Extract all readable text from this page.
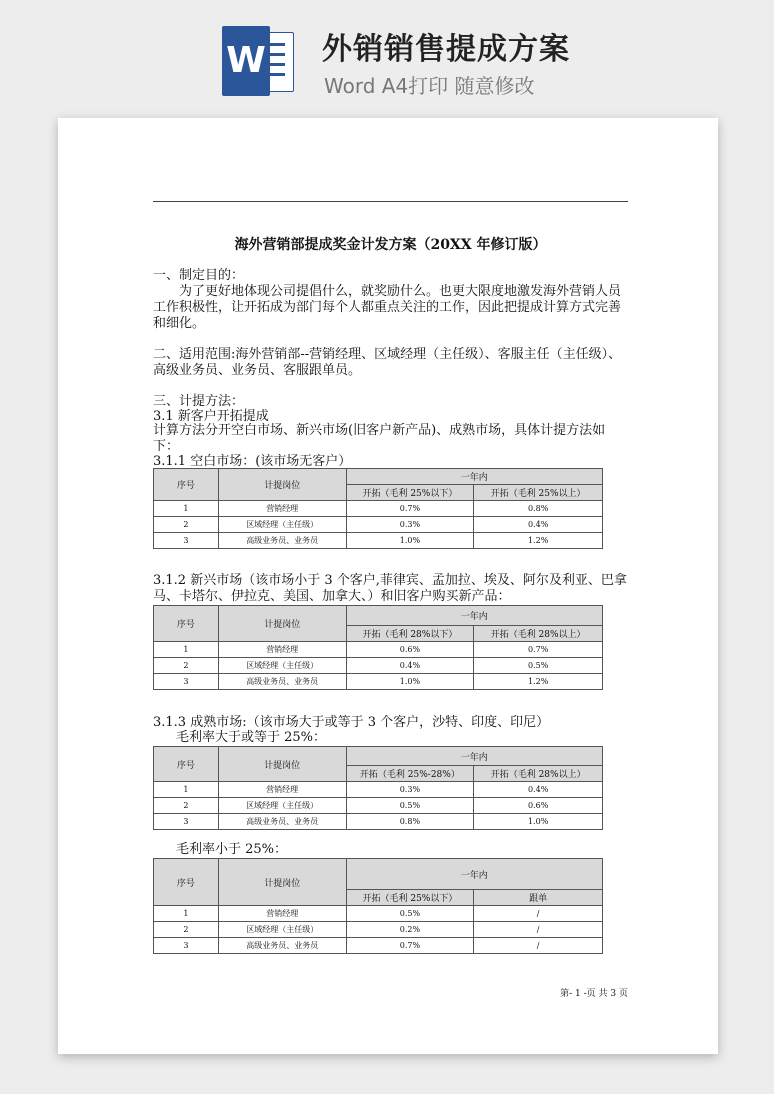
W 外销销售提成方案
Word A4打印 随意修改
海外营销部提成奖金计发方案（20XX 年修订版）
一、制定目的：
为了更好地体现公司提倡什么，就奖励什么。也更大限度地激发海外营销人员工作积极性，让开拓成为部门每个人都重点关注的工作，因此把提成计算方式完善和细化。
二、适用范围:海外营销部--营销经理、区域经理（主任级）、客服主任（主任级）、高级业务员、业务员、客服跟单员。
三、计提方法：
3.1 新客户开拓提成
计算方法分开空白市场、新兴市场(旧客户新产品)、成熟市场，具体计提方法如下：
3.1.1 空白市场：(该市场无客户）
序号	计提岗位	一年内	
		开拓（毛利 25%以下）	开拓（毛利 25%以上）
1	营销经理	0.7%	0.8%
2	区域经理（主任级）	0.3%	0.4%
3	高级业务员、业务员	1.0%	1.2%
3.1.2 新兴市场（该市场小于 3 个客户,菲律宾、孟加拉、埃及、阿尔及利亚、巴拿马、卡塔尔、伊拉克、美国、加拿大、）和旧客户购买新产品：
序号	计提岗位	一年内	
		开拓（毛利 28%以下）	开拓（毛利 28%以上）
1	营销经理	0.6%	0.7%
2	区域经理（主任级）	0.4%	0.5%
3	高级业务员、业务员	1.0%	1.2%
3.1.3 成熟市场:（该市场大于或等于 3 个客户，沙特、印度、印尼）
毛利率大于或等于 25%：
序号	计提岗位	一年内	
		开拓（毛利 25%-28%）	开拓（毛利 28%以上）
1	营销经理	0.3%	0.4%
2	区域经理（主任级）	0.5%	0.6%
3	高级业务员、业务员	0.8%	1.0%
毛利率小于 25%：
序号	计提岗位	一年内	
		开拓（毛利 25%以下）	跟单
1	营销经理	0.5%	/
2	区域经理（主任级）	0.2%	/
3	高级业务员、业务员	0.7%	/
第- 1 -页 共 3 页
